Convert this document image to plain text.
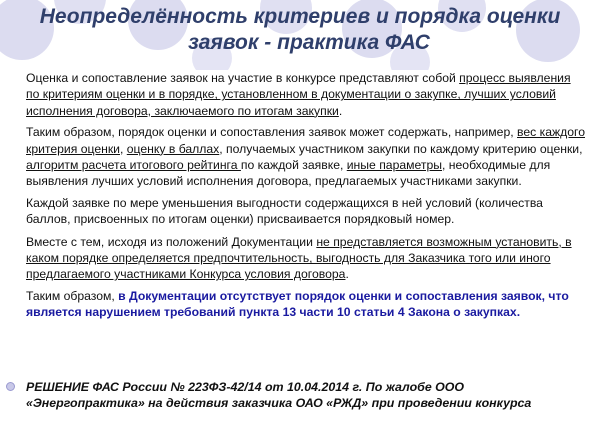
Неопределённость критериев и порядка оценки
заявок - практика ФАС

Оценка и сопоставление заявок на участие в конкурсе представляют собой процесс выявления по критериям оценки и в порядке, установленном в документации о закупке, лучших условий исполнения договора, заключаемого по итогам закупки.

Таким образом, порядок оценки и сопоставления заявок может содержать, например, вес каждого критерия оценки, оценку в баллах, получаемых участником закупки по каждому критерию оценки, алгоритм расчета итогового рейтинга по каждой заявке, иные параметры, необходимые для выявления лучших условий исполнения договора, предлагаемых участниками закупки.

Каждой заявке по мере уменьшения выгодности содержащихся в ней условий (количества баллов, присвоенных по итогам оценки) присваивается порядковый номер.

Вместе с тем, исходя из положений Документации не представляется возможным установить, в каком порядке определяется предпочтительность, выгодность для Заказчика того или иного предлагаемого участниками Конкурса условия договора.

Таким образом, в Документации отсутствует порядок оценки и сопоставления заявок, что является нарушением требований пункта 13 части 10 статьи 4 Закона о закупках.

РЕШЕНИЕ ФАС России № 223ФЗ-42/14 от 10.04.2014 г. По жалобе ООО «Энергопрактика» на действия заказчика ОАО «РЖД» при проведении конкурса
